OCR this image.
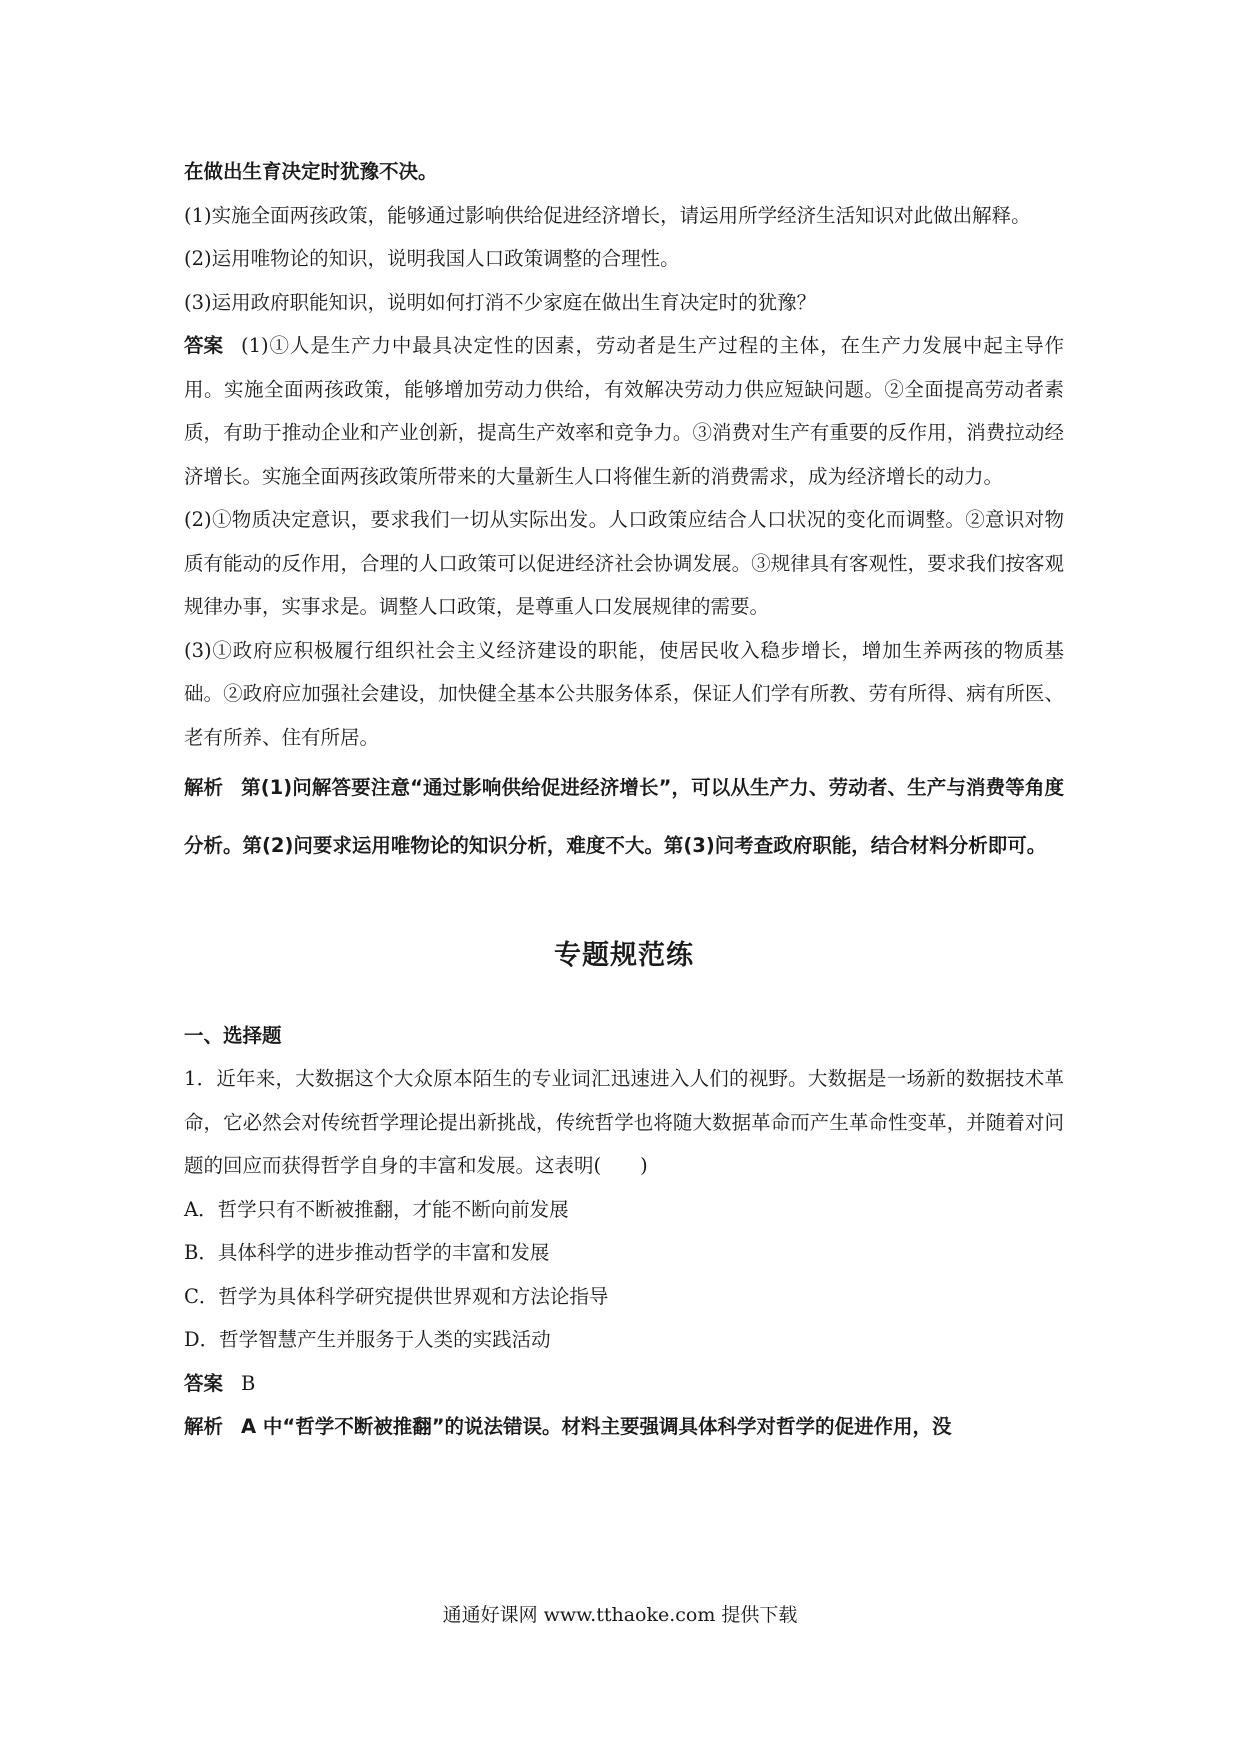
在做出生育决定时犹豫不决。

(1)实施全面两孩政策，能够通过影响供给促进经济增长，请运用所学经济生活知识对此做出解释。

(2)运用唯物论的知识，说明我国人口政策调整的合理性。

(3)运用政府职能知识，说明如何打消不少家庭在做出生育决定时的犹豫？

答案 (1)①人是生产力中最具决定性的因素，劳动者是生产过程的主体，在生产力发展中起主导作用。实施全面两孩政策，能够增加劳动力供给，有效解决劳动力供应短缺问题。②全面提高劳动者素质，有助于推动企业和产业创新，提高生产效率和竞争力。③消费对生产有重要的反作用，消费拉动经济增长。实施全面两孩政策所带来的大量新生人口将催生新的消费需求，成为经济增长的动力。

(2)①物质决定意识，要求我们一切从实际出发。人口政策应结合人口状况的变化而调整。②意识对物质有能动的反作用，合理的人口政策可以促进经济社会协调发展。③规律具有客观性，要求我们按客观规律办事，实事求是。调整人口政策，是尊重人口发展规律的需要。

(3)①政府应积极履行组织社会主义经济建设的职能，使居民收入稳步增长，增加生养两孩的物质基础。②政府应加强社会建设，加快健全基本公共服务体系，保证人们学有所教、劳有所得、病有所医、老有所养、住有所居。

解析 第(1)问解答要注意“通过影响供给促进经济增长”，可以从生产力、劳动者、生产与消费等角度分析。第(2)问要求运用唯物论的知识分析，难度不大。第(3)问考查政府职能，结合材料分析即可。

专题规范练

一、选择题

1．近年来，大数据这个大众原本陌生的专业词汇迅速进入人们的视野。大数据是一场新的数据技术革命，它必然会对传统哲学理论提出新挑战，传统哲学也将随大数据革命而产生革命性变革，并随着对问题的回应而获得哲学自身的丰富和发展。这表明(　　)

A．哲学只有不断被推翻，才能不断向前发展

B．具体科学的进步推动哲学的丰富和发展

C．哲学为具体科学研究提供世界观和方法论指导

D．哲学智慧产生并服务于人类的实践活动

答案 B

解析 A 中“哲学不断被推翻”的说法错误。材料主要强调具体科学对哲学的促进作用，没

通通好课网 www.tthaoke.com 提供下载
